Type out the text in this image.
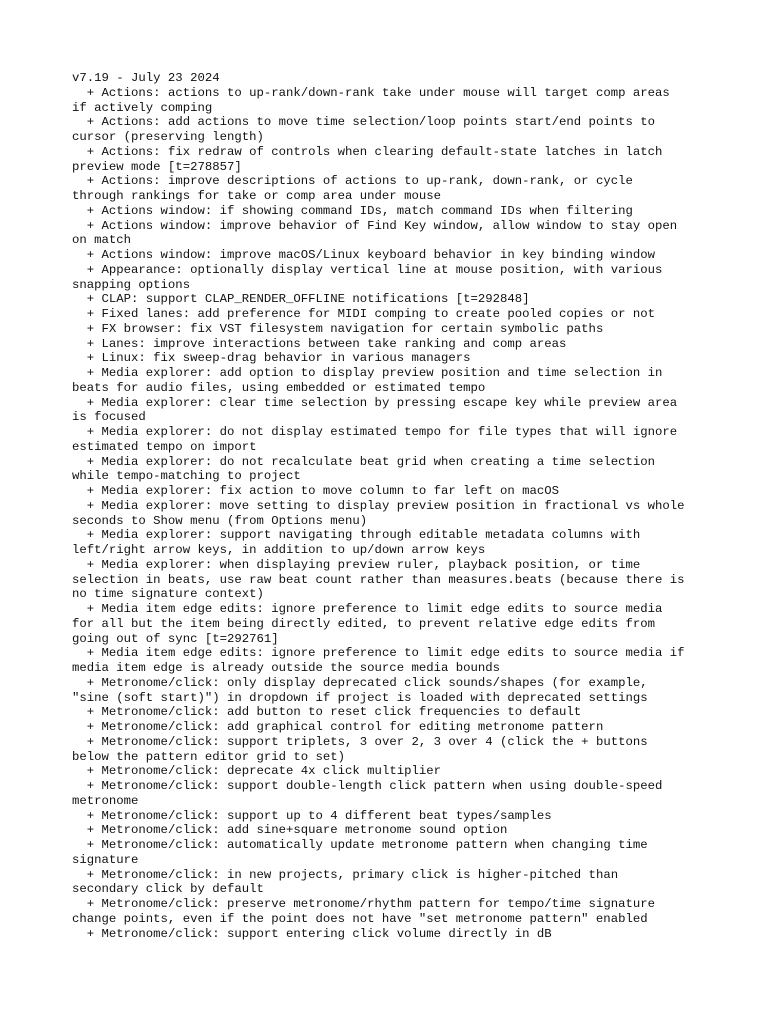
v7.19 - July 23 2024

+ Actions: actions to up-rank/down-rank take under mouse will target comp areas
if actively comping

+ Actions: add actions to move time selection/loop points start/end points to
cursor (preserving length)

+ Actions: fix redraw of controls when clearing default-state latches in latch
preview mode [t=278857]

+ Actions: improve descriptions of actions to up-rank, down-rank, or cycle
through rankings for take or comp area under mouse

+ Actions window: if showing command IDs, match command IDs when filtering

+ Actions window: improve behavior of Find Key window, allow window to stay open
on match

+ Actions window: improve macOS/Linux keyboard behavior in key binding window

+ Appearance: optionally display vertical line at mouse position, with various
snapping options

+ CLAP: support CLAP_RENDER_OFFLINE notifications [t=292848]

+ Fixed lanes: add preference for MIDI comping to create pooled copies or not

+ FX browser: fix VST filesystem navigation for certain symbolic paths

+ Lanes: improve interactions between take ranking and comp areas

+ Linux: fix sweep-drag behavior in various managers

+ Media explorer: add option to display preview position and time selection in
beats for audio files, using embedded or estimated tempo

+ Media explorer: clear time selection by pressing escape key while preview area
is focused

+ Media explorer: do not display estimated tempo for file types that will ignore
estimated tempo on import

+ Media explorer: do not recalculate beat grid when creating a time selection
while tempo-matching to project

+ Media explorer: fix action to move column to far left on macOS

+ Media explorer: move setting to display preview position in fractional vs whole
seconds to Show menu (from Options menu)

+ Media explorer: support navigating through editable metadata columns with
left/right arrow keys, in addition to up/down arrow keys

+ Media explorer: when displaying preview ruler, playback position, or time
selection in beats, use raw beat count rather than measures.beats (because there is
no time signature context)

+ Media item edge edits: ignore preference to limit edge edits to source media
for all but the item being directly edited, to prevent relative edge edits from
going out of sync [t=292761]

+ Media item edge edits: ignore preference to limit edge edits to source media if
media item edge is already outside the source media bounds

+ Metronome/click: only display deprecated click sounds/shapes (for example,
"sine (soft start)") in dropdown if project is loaded with deprecated settings

+ Metronome/click: add button to reset click frequencies to default

+ Metronome/click: add graphical control for editing metronome pattern

+ Metronome/click: support triplets, 3 over 2, 3 over 4 (click the + buttons
below the pattern editor grid to set)

+ Metronome/click: deprecate 4x click multiplier

+ Metronome/click: support double-length click pattern when using double-speed
metronome

+ Metronome/click: support up to 4 different beat types/samples

+ Metronome/click: add sine+square metronome sound option

+ Metronome/click: automatically update metronome pattern when changing time
signature

+ Metronome/click: in new projects, primary click is higher-pitched than
secondary click by default

+ Metronome/click: preserve metronome/rhythm pattern for tempo/time signature
change points, even if the point does not have "set metronome pattern" enabled

+ Metronome/click: support entering click volume directly in dB
